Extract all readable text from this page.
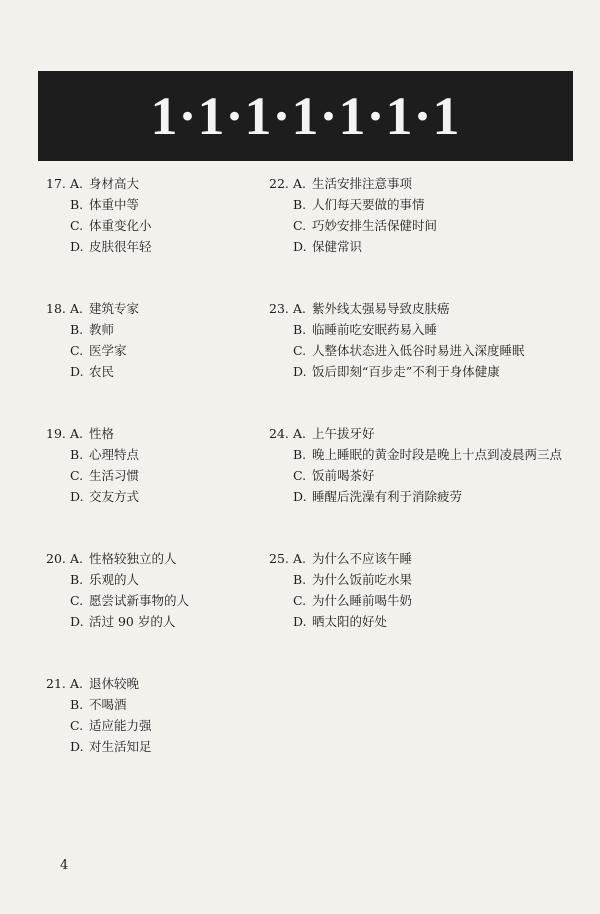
1·1·1·1·1·1·1
17. A. 身材高大
B. 体重中等
C. 体重变化小
D. 皮肤很年轻
18. A. 建筑专家
B. 教师
C. 医学家
D. 农民
19. A. 性格
B. 心理特点
C. 生活习惯
D. 交友方式
20. A. 性格较独立的人
B. 乐观的人
C. 愿尝试新事物的人
D. 活过 90 岁的人
21. A. 退休较晚
B. 不喝酒
C. 适应能力强
D. 对生活知足
22. A. 生活安排注意事项
B. 人们每天要做的事情
C. 巧妙安排生活保健时间
D. 保健常识
23. A. 紫外线太强易导致皮肤癌
B. 临睡前吃安眠药易入睡
C. 人整体状态进入低谷时易进入深度睡眠
D. 饭后即刻“百步走”不利于身体健康
24. A. 上午拔牙好
B. 晚上睡眠的黄金时段是晚上十点到凌晨两三点
C. 饭前喝茶好
D. 睡醒后洗澡有利于消除疲劳
25. A. 为什么不应该午睡
B. 为什么饭前吃水果
C. 为什么睡前喝牛奶
D. 晒太阳的好处
4
